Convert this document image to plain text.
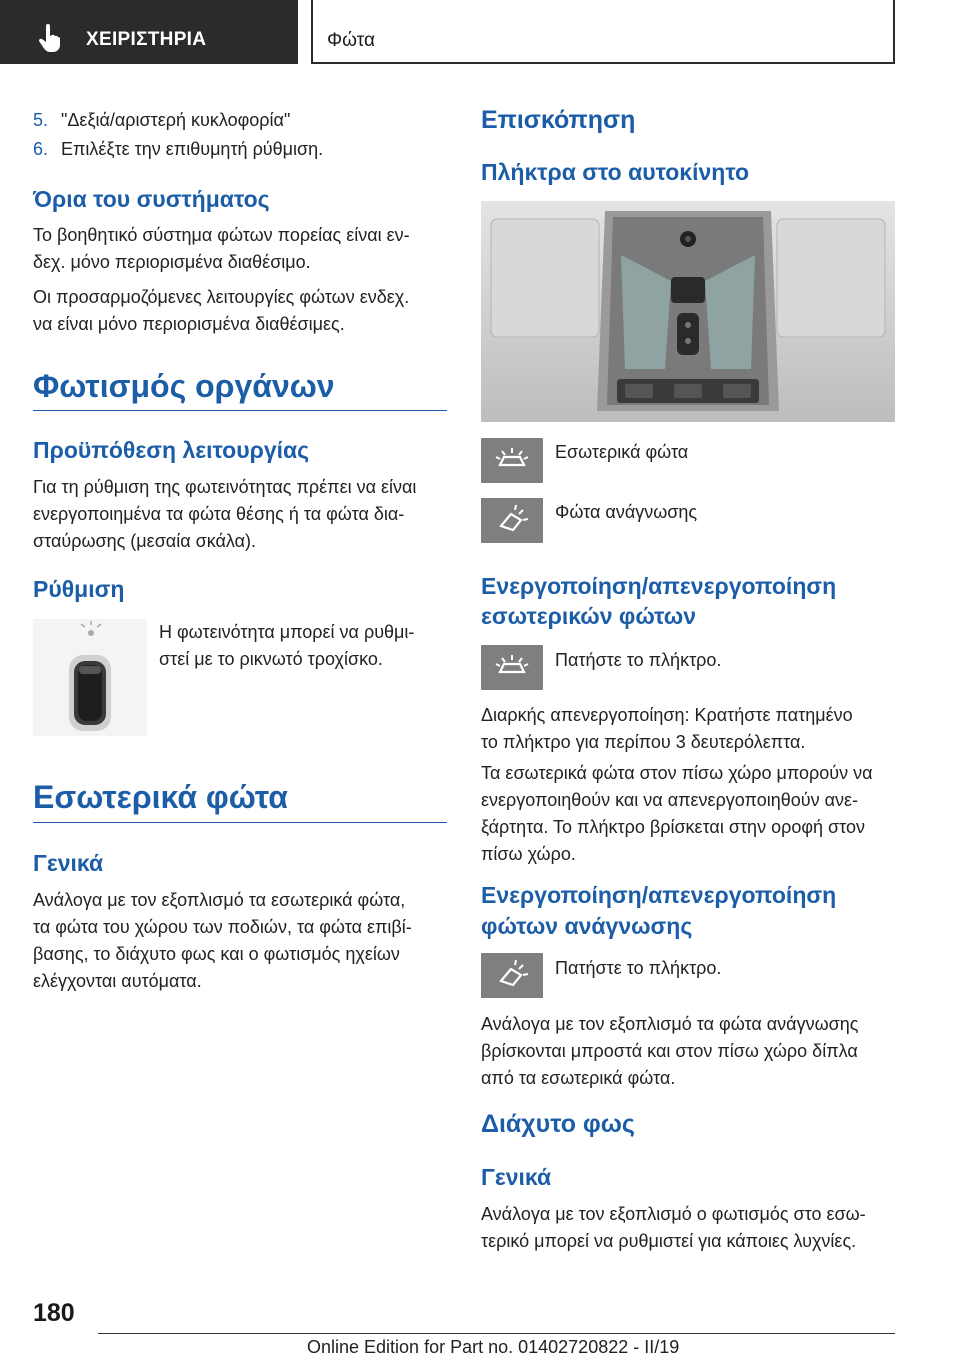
ΧΕΙΡΙΣΤΗΡΙΑ	Φώτα
5. "Δεξιά/αριστερή κυκλοφορία"
6. Επιλέξτε την επιθυμητή ρύθμιση.
Όρια του συστήματος
Το βοηθητικό σύστημα φώτων πορείας είναι εν-
δεχ. μόνο περιορισμένα διαθέσιμο.
Οι προσαρμοζόμενες λειτουργίες φώτων ενδεχ.
να είναι μόνο περιορισμένα διαθέσιμες.
Φωτισμός οργάνων
Προϋπόθεση λειτουργίας
Για τη ρύθμιση της φωτεινότητας πρέπει να είναι
ενεργοποιημένα τα φώτα θέσης ή τα φώτα δια-
σταύρωσης (μεσαία σκάλα).
Ρύθμιση
Η φωτεινότητα μπορεί να ρυθμι-
στεί με το ρικνωτό τροχίσκο.
Εσωτερικά φώτα
Γενικά
Ανάλογα με τον εξοπλισμό τα εσωτερικά φώτα,
τα φώτα του χώρου των ποδιών, τα φώτα επιβί-
βασης, το διάχυτο φως και ο φωτισμός ηχείων
ελέγχονται αυτόματα.
Επισκόπηση
Πλήκτρα στο αυτοκίνητο
Εσωτερικά φώτα
Φώτα ανάγνωσης
Ενεργοποίηση/απενεργοποίηση
εσωτερικών φώτων
Πατήστε το πλήκτρο.
Διαρκής απενεργοποίηση: Κρατήστε πατημένο
το πλήκτρο για περίπου 3 δευτερόλεπτα.
Τα εσωτερικά φώτα στον πίσω χώρο μπορούν να
ενεργοποιηθούν και να απενεργοποιηθούν ανε-
ξάρτητα. Το πλήκτρο βρίσκεται στην οροφή στον
πίσω χώρο.
Ενεργοποίηση/απενεργοποίηση
φώτων ανάγνωσης
Πατήστε το πλήκτρο.
Ανάλογα με τον εξοπλισμό τα φώτα ανάγνωσης
βρίσκονται μπροστά και στον πίσω χώρο δίπλα
από τα εσωτερικά φώτα.
Διάχυτο φως
Γενικά
Ανάλογα με τον εξοπλισμό ο φωτισμός στο εσω-
τερικό μπορεί να ρυθμιστεί για κάποιες λυχνίες.
180
Online Edition for Part no. 01402720822 - II/19
